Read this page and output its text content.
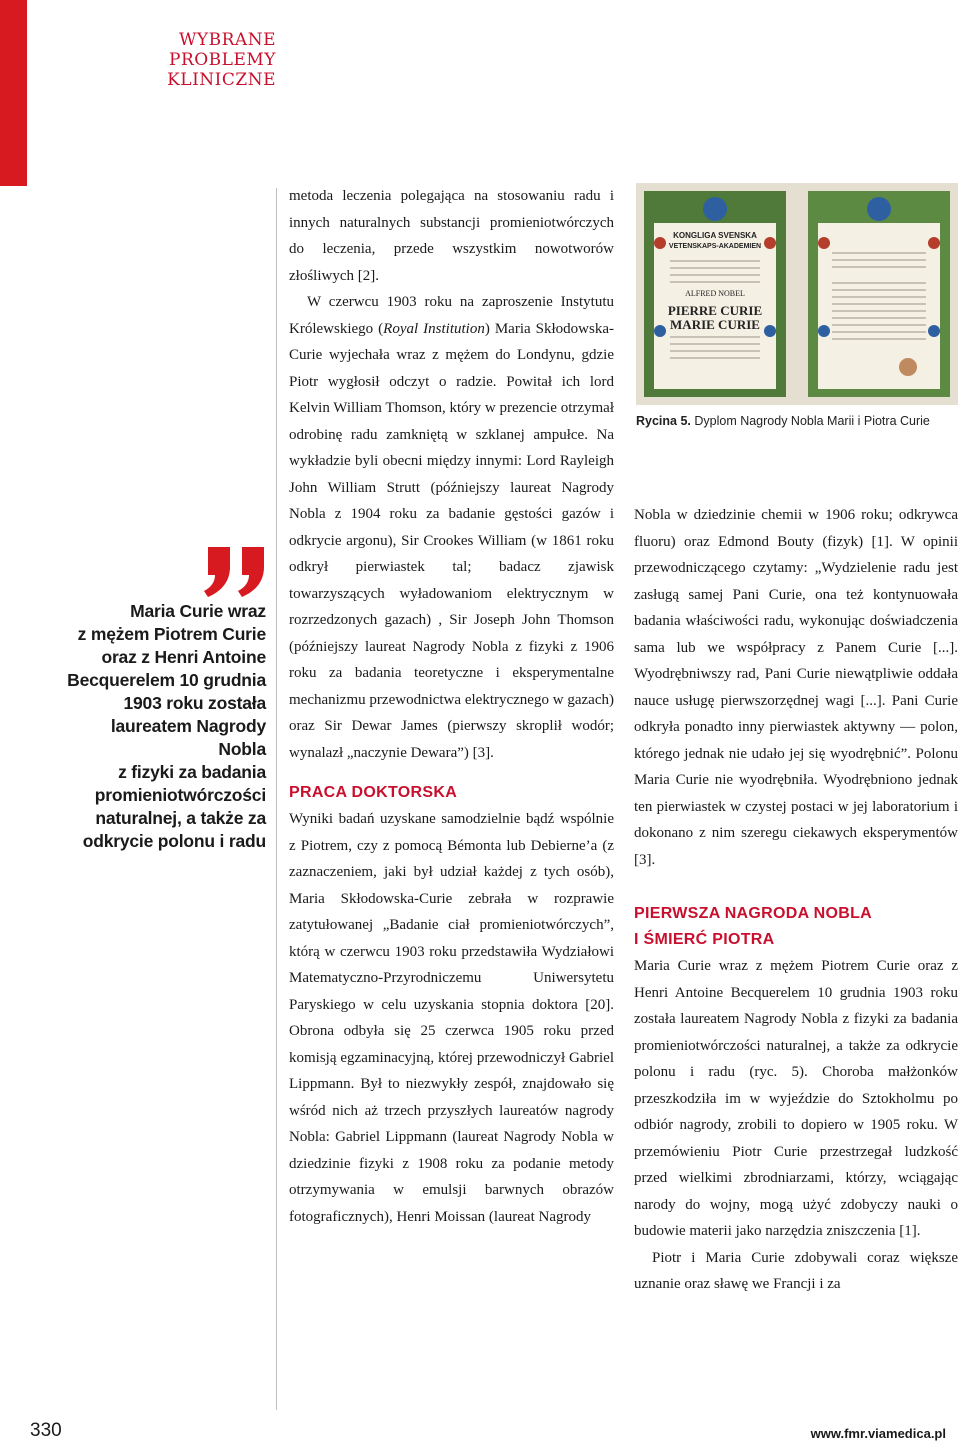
WYBRANE
PROBLEMY
KLINICZNE
Maria Curie wraz
z mężem Piotrem Curie
oraz z Henri Antoine
Becquerelem 10 grudnia
1903 roku została
laureatem Nagrody Nobla
z fizyki za badania
promieniotwórczości
naturalnej, a także za
odkrycie polonu i radu

metoda leczenia polegająca na stosowaniu radu i innych naturalnych substancji promieniotwórczych do leczenia, przede wszystkim nowotworów złośliwych [2].

W czerwcu 1903 roku na zaproszenie Instytutu Królewskiego (Royal Institution) Maria Skłodowska-Curie wyjechała wraz z mężem do Londynu, gdzie Piotr wygłosił odczyt o radzie. Powitał ich lord Kelvin William Thomson, który w prezencie otrzymał odrobinę radu zamkniętą w szklanej ampułce. Na wykładzie byli obecni między innymi: Lord Rayleigh John William Strutt (późniejszy laureat Nagrody Nobla z 1904 roku za badanie gęstości gazów i odkrycie argonu), Sir Crookes William (w 1861 roku odkrył pierwiastek tal; badacz zjawisk towarzyszących wyładowaniom elektrycznym w rozrzedzonych gazach) , Sir Joseph John Thomson (późniejszy laureat Nagrody Nobla z fizyki z 1906 roku za badania teoretyczne i eksperymentalne mechanizmu przewodnictwa elektrycznego w gazach) oraz Sir Dewar James (pierwszy skroplił wodór; wynalazł „naczynie Dewara”) [3].

PRACA DOKTORSKA

Wyniki badań uzyskane samodzielnie bądź wspólnie z Piotrem, czy z pomocą Bémonta lub Debierne’a (z zaznaczeniem, jaki był udział każdej z tych osób), Maria Skłodowska-Curie zebrała w rozprawie zatytułowanej „Badanie ciał promieniotwórczych”, którą w czerwcu 1903 roku przedstawiła Wydziałowi Matematyczno-Przyrodniczemu Uniwersytetu Paryskiego w celu uzyskania stopnia doktora [20]. Obrona odbyła się 25 czerwca 1905 roku przed komisją egzaminacyjną, której przewodniczył Gabriel Lippmann. Był to niezwykły zespół, znajdowało się wśród nich aż trzech przyszłych laureatów nagrody Nobla: Gabriel Lippmann (laureat Nagrody Nobla w dziedzinie fizyki z 1908 roku za podanie metody otrzymywania w emulsji barwnych obrazów fotograficznych), Henri Moissan (laureat Nagrody

KONGLIGA SVENSKA
VETENSKAPS-AKADEMIEN
ALFRED NOBEL
PIERRE CURIE
MARIE CURIE
Rycina 5. Dyplom Nagrody Nobla Marii i Piotra Curie

Nobla w dziedzinie chemii w 1906 roku; odkrywca fluoru) oraz Edmond Bouty (fizyk) [1]. W opinii przewodniczącego czytamy: „Wydzielenie radu jest zasługą samej Pani Curie, ona też kontynuowała badania właściwości radu, wykonując doświadczenia sama lub we współpracy z Panem Curie [...]. Wyodrębniwszy rad, Pani Curie niewątpliwie oddała nauce usługę pierwszorzędnej wagi [...]. Pani Curie odkryła ponadto inny pierwiastek aktywny — polon, którego jednak nie udało jej się wyodrębnić”. Polonu Maria Curie nie wyodrębniła. Wyodrębniono jednak ten pierwiastek w czystej postaci w jej laboratorium i dokonano z nim szeregu ciekawych eksperymentów [3].

PIERWSZA NAGRODA NOBLA
I ŚMIERĆ PIOTRA

Maria Curie wraz z mężem Piotrem Curie oraz z Henri Antoine Becquerelem 10 grudnia 1903 roku została laureatem Nagrody Nobla z fizyki za badania promieniotwórczości naturalnej, a także za odkrycie polonu i radu (ryc. 5). Choroba małżonków przeszkodziła im w wyjeździe do Sztokholmu po odbiór nagrody, zrobili to dopiero w 1905 roku. W przemówieniu Piotr Curie przestrzegał ludzkość przed wielkimi zbrodniarzami, którzy, wciągając narody do wojny, mogą użyć zdobyczy nauki o budowie materii jako narzędzia zniszczenia [1].

Piotr i Maria Curie zdobywali coraz większe uznanie oraz sławę we Francji i za

330	www.fmr.viamedica.pl
